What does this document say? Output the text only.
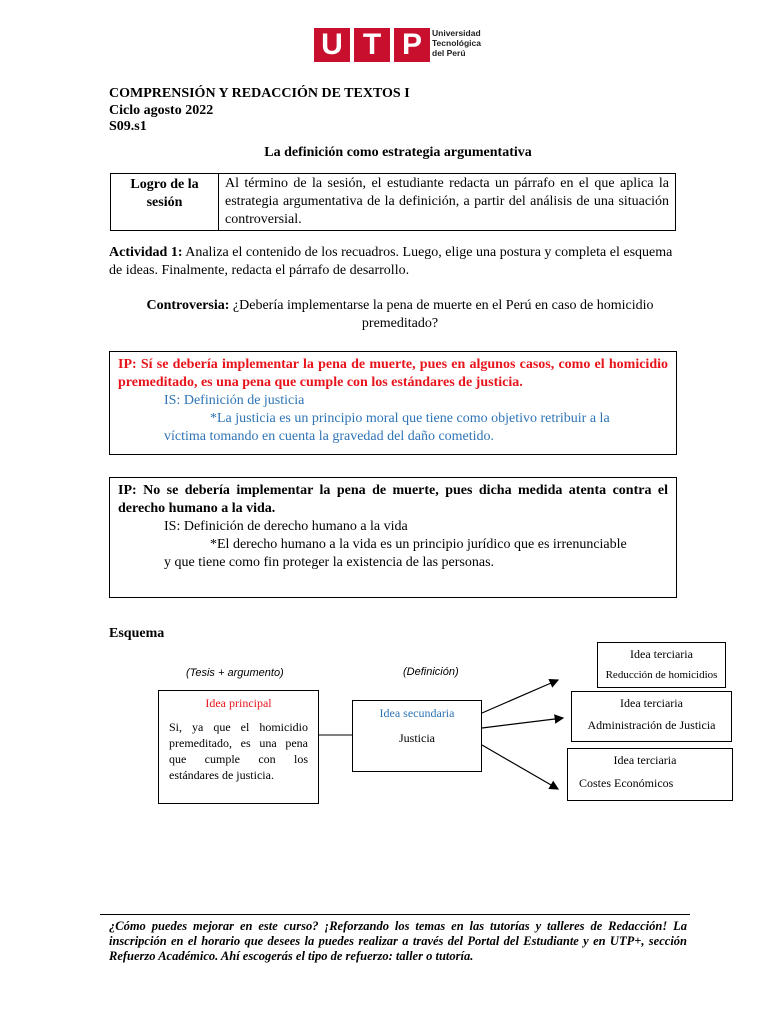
U T P	Universidad
Tecnológica
del Perú
COMPRENSIÓN Y REDACCIÓN DE TEXTOS I
Ciclo agosto 2022
S09.s1
La definición como estrategia argumentativa
Logro de la sesión	Al término de la sesión, el estudiante redacta un párrafo en el que aplica la estrategia argumentativa de la definición, a partir del análisis de una situación controversial.
Actividad 1: Analiza el contenido de los recuadros. Luego, elige una postura y completa el esquema de ideas. Finalmente, redacta el párrafo de desarrollo.
Controversia: ¿Debería implementarse la pena de muerte en el Perú en caso de homicidio premeditado?
IP: Sí se debería implementar la pena de muerte, pues en algunos casos, como el homicidio premeditado, es una pena que cumple con los estándares de justicia.
IS: Definición de justicia
*La justicia es un principio moral que tiene como objetivo retribuir a la
víctima tomando en cuenta la gravedad del daño cometido.
IP: No se debería implementar la pena de muerte, pues dicha medida atenta contra el derecho humano a la vida.
IS: Definición de derecho humano a la vida
*El derecho humano a la vida es un principio jurídico que es irrenunciable
y que tiene como fin proteger la existencia de las personas.
Esquema
(Tesis + argumento)	(Definición)
Idea principal
Si, ya que el homicidio premeditado, es una pena que cumple con los estándares de justicia.
Idea secundaria
Justicia
Idea terciaria
Reducción de homicidios
Idea terciaria
Administración de Justicia
Idea terciaria
Costes Económicos
¿Cómo puedes mejorar en este curso? ¡Reforzando los temas en las tutorías y talleres de Redacción! La inscripción en el horario que desees la puedes realizar a través del Portal del Estudiante y en UTP+, sección Refuerzo Académico. Ahí escogerás el tipo de refuerzo: taller o tutoría.
